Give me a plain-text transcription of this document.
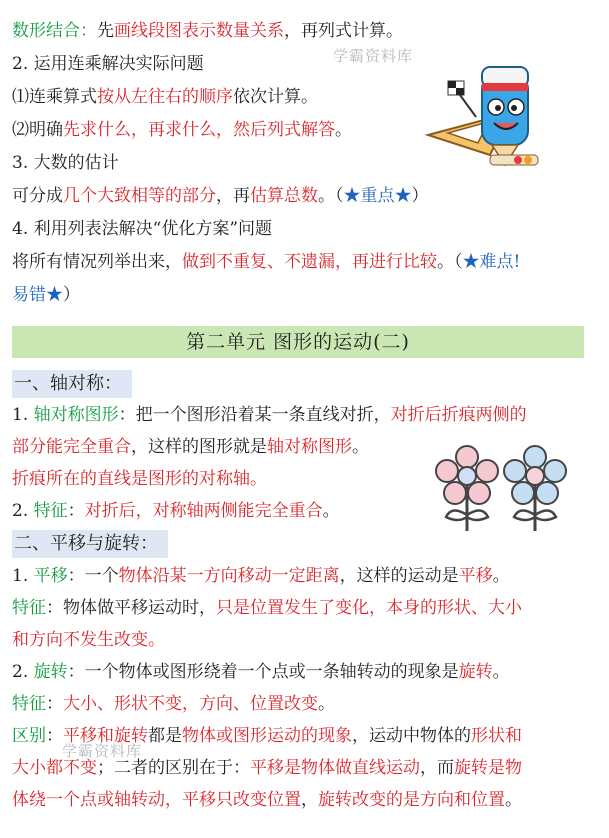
数形结合：先画线段图表示数量关系，再列式计算。
2. 运用连乘解决实际问题
⑴连乘算式按从左往右的顺序依次计算。
⑵明确先求什么，再求什么，然后列式解答。
3. 大数的估计
可分成几个大致相等的部分，再估算总数。（★重点★）
4. 利用列表法解决“优化方案”问题
将所有情况列举出来，做到不重复、不遗漏，再进行比较。（★难点!
易错★）
学霸资料库
第二单元 图形的运动(二)
一、轴对称：
1. 轴对称图形：把一个图形沿着某一条直线对折，对折后折痕两侧的
部分能完全重合，这样的图形就是轴对称图形。
折痕所在的直线是图形的对称轴。
2. 特征：对折后，对称轴两侧能完全重合。
二、平移与旋转：
1. 平移：一个物体沿某一方向移动一定距离，这样的运动是平移。
特征：物体做平移运动时，只是位置发生了变化，本身的形状、大小
和方向不发生改变。
2. 旋转：一个物体或图形绕着一个点或一条轴转动的现象是旋转。
特征：大小、形状不变，方向、位置改变。
区别：平移和旋转都是物体或图形运动的现象，运动中物体的形状和
大小都不变；二者的区别在于：平移是物体做直线运动，而旋转是物
体绕一个点或轴转动，平移只改变位置，旋转改变的是方向和位置。
学霸资料库
